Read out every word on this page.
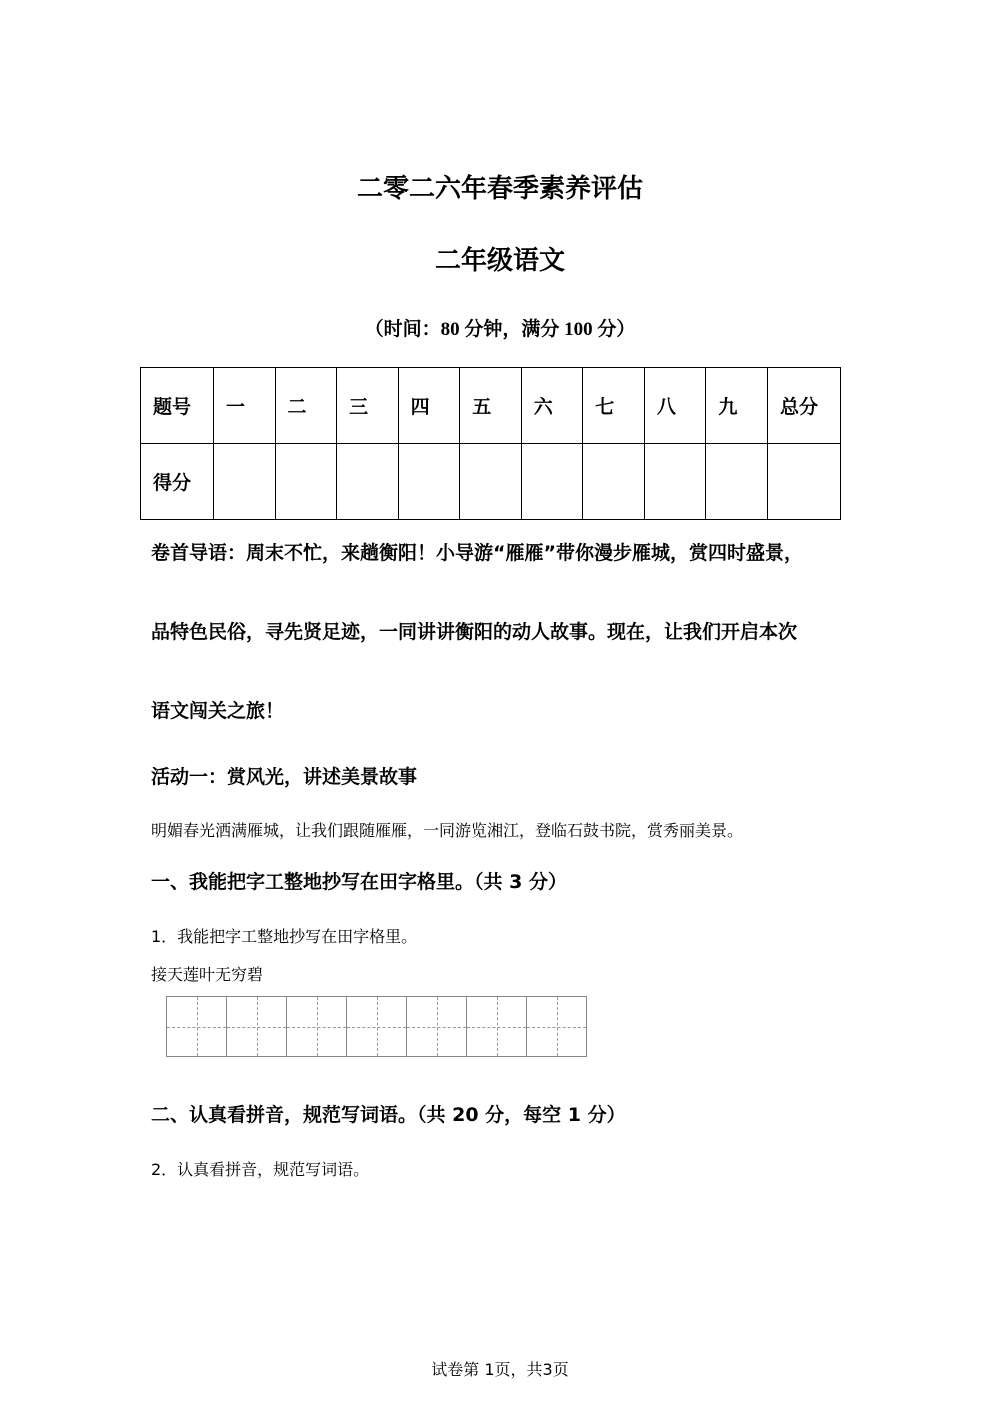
二零二六年春季素养评估
二年级语文
（时间：80 分钟，满分 100 分）
题号	一	二	三	四	五	六	七	八	九	总分
得分										
卷首导语：周末不忙，来趟衡阳！小导游“雁雁”带你漫步雁城，赏四时盛景，
品特色民俗，寻先贤足迹，一同讲讲衡阳的动人故事。现在，让我们开启本次
语文闯关之旅！
活动一：赏风光，讲述美景故事
明媚春光洒满雁城，让我们跟随雁雁，一同游览湘江，登临石鼓书院，赏秀丽美景。
一、我能把字工整地抄写在田字格里。（共 3 分）
1．我能把字工整地抄写在田字格里。
接天莲叶无穷碧
二、认真看拼音，规范写词语。（共 20 分，每空 1 分）
2．认真看拼音，规范写词语。
试卷第 1页，共3页
